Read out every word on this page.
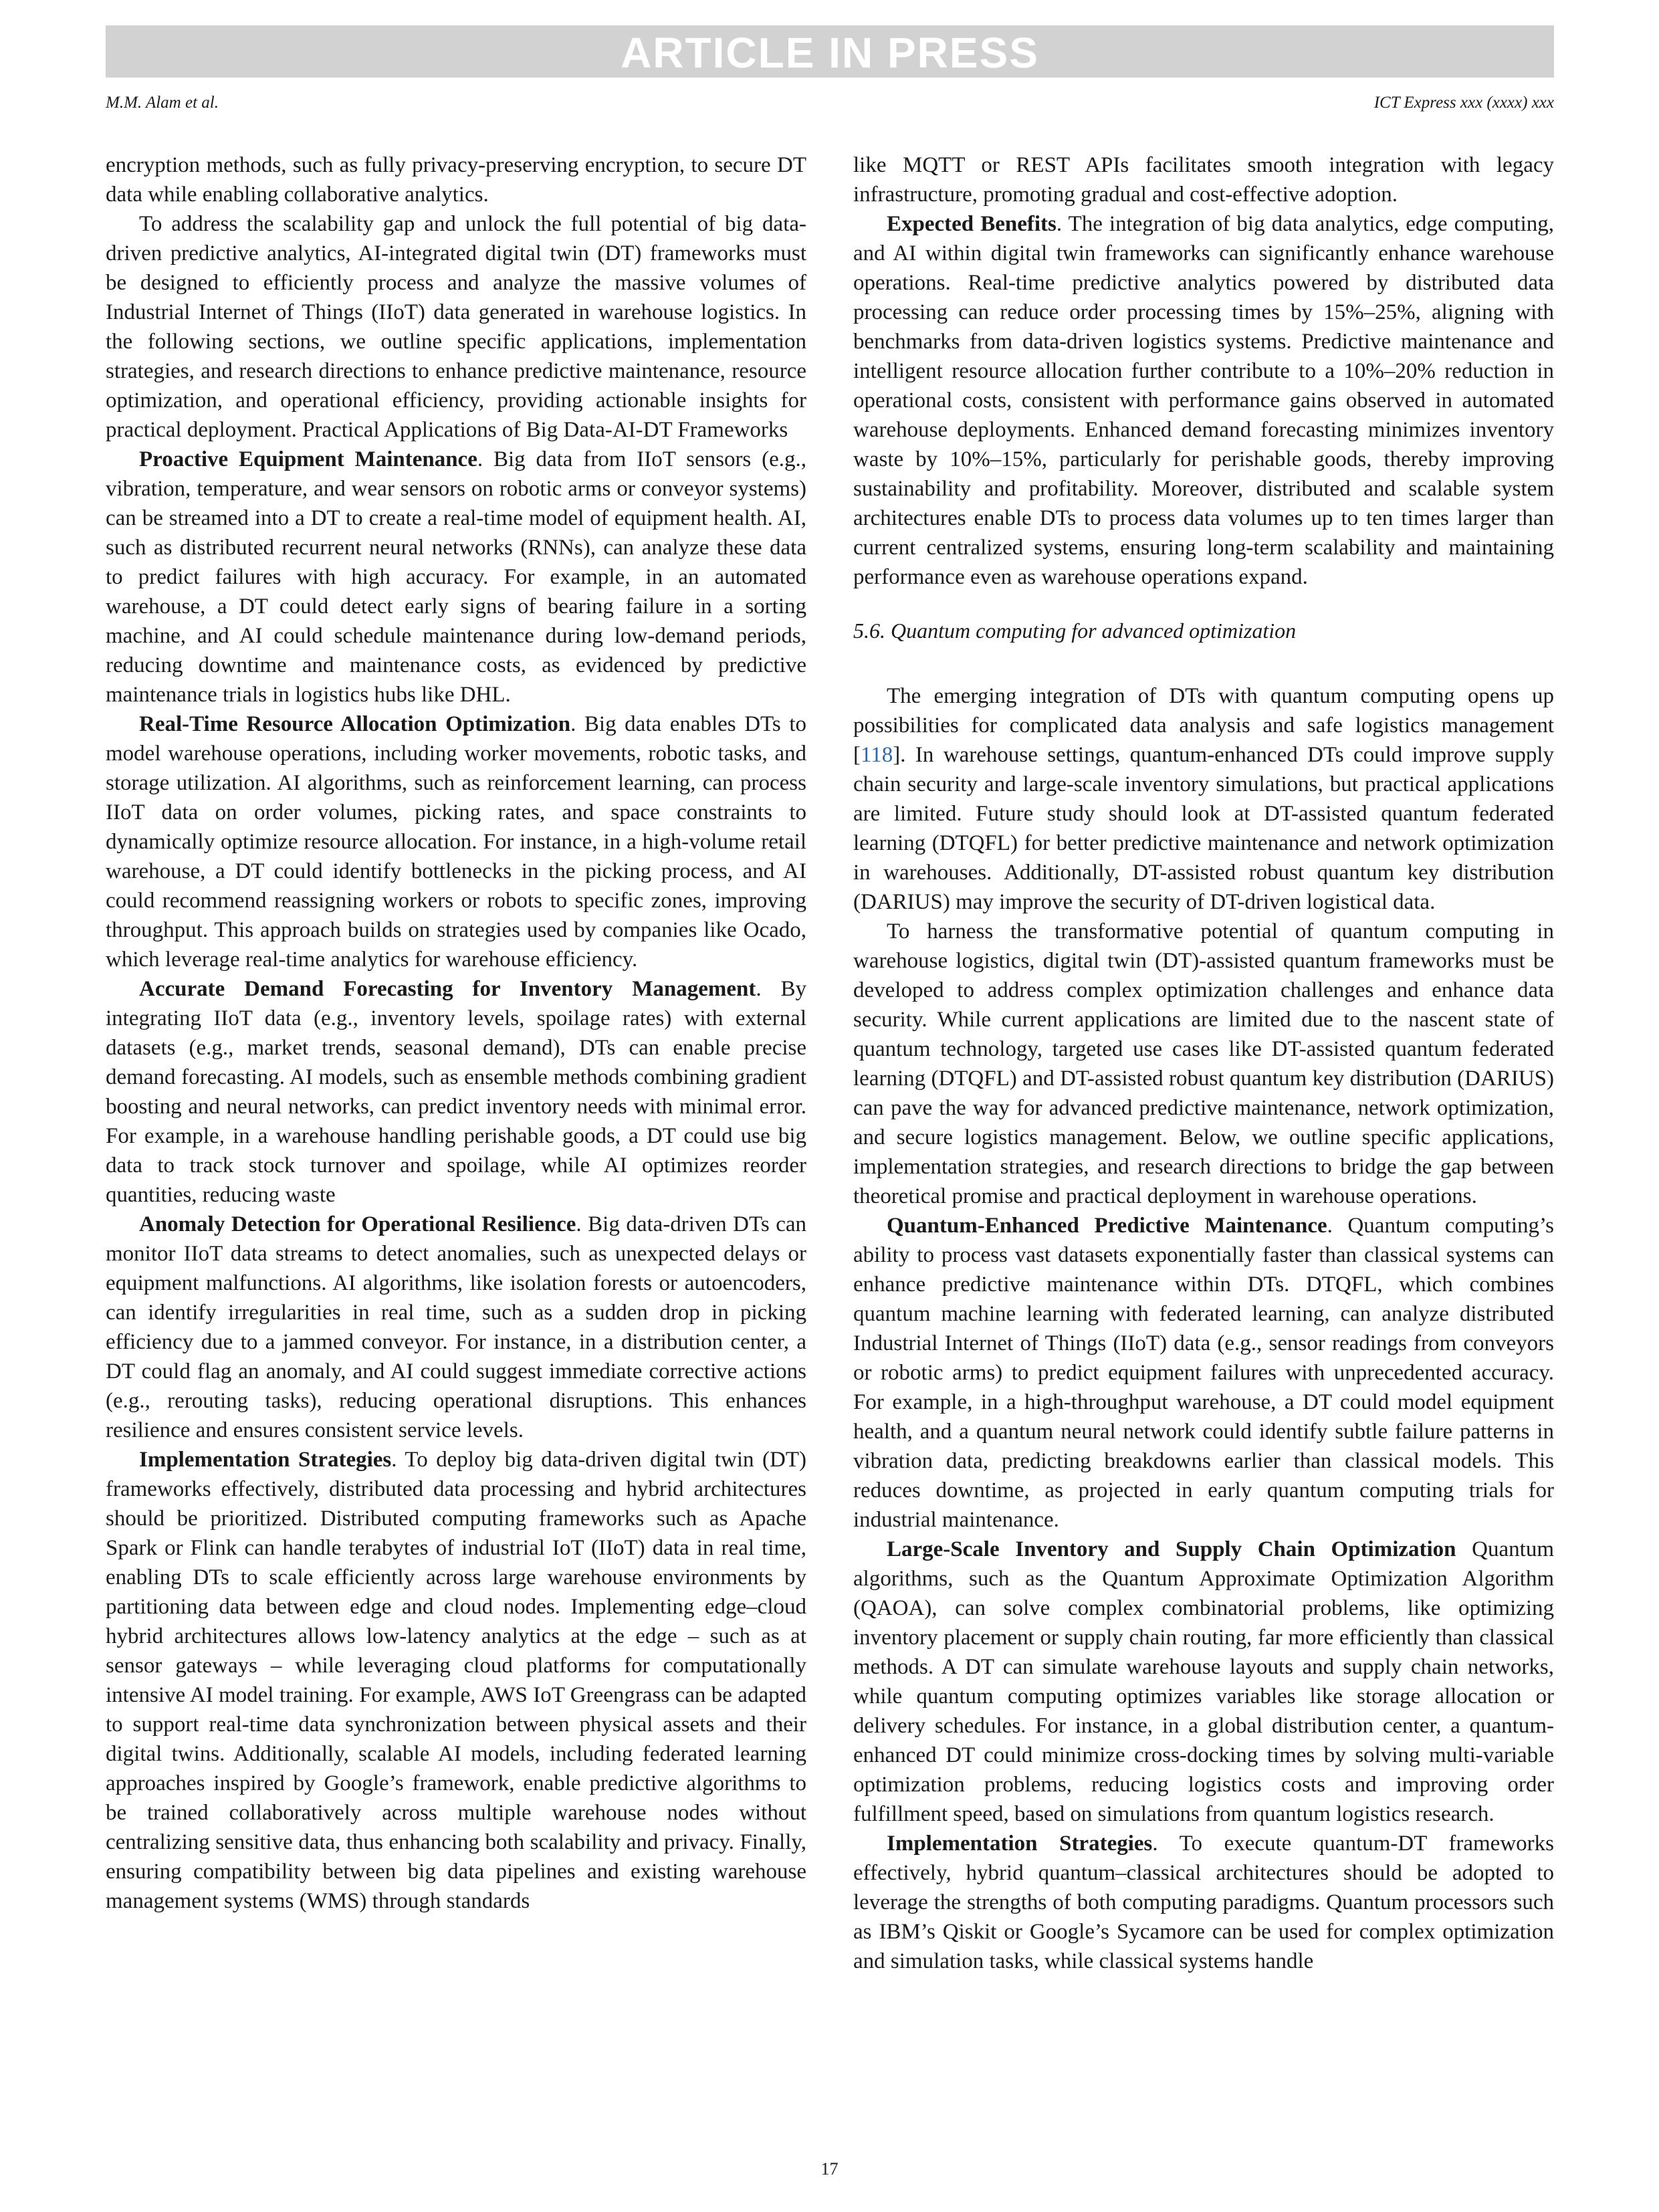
ARTICLE IN PRESS
M.M. Alam et al.	ICT Express xxx (xxxx) xxx

encryption methods, such as fully privacy-preserving encryption, to secure DT data while enabling collaborative analytics.

To address the scalability gap and unlock the full potential of big data-driven predictive analytics, AI-integrated digital twin (DT) frameworks must be designed to efficiently process and analyze the massive volumes of Industrial Internet of Things (IIoT) data generated in warehouse logistics. In the following sections, we outline specific applications, implementation strategies, and research directions to enhance predictive maintenance, resource optimization, and operational efficiency, providing actionable insights for practical deployment. Practical Applications of Big Data-AI-DT Frameworks

Proactive Equipment Maintenance. Big data from IIoT sensors (e.g., vibration, temperature, and wear sensors on robotic arms or conveyor systems) can be streamed into a DT to create a real-time model of equipment health. AI, such as distributed recurrent neural networks (RNNs), can analyze these data to predict failures with high accuracy. For example, in an automated warehouse, a DT could detect early signs of bearing failure in a sorting machine, and AI could schedule maintenance during low-demand periods, reducing downtime and maintenance costs, as evidenced by predictive maintenance trials in logistics hubs like DHL.

Real-Time Resource Allocation Optimization. Big data enables DTs to model warehouse operations, including worker movements, robotic tasks, and storage utilization. AI algorithms, such as reinforcement learning, can process IIoT data on order volumes, picking rates, and space constraints to dynamically optimize resource allocation. For instance, in a high-volume retail warehouse, a DT could identify bottlenecks in the picking process, and AI could recommend reassigning workers or robots to specific zones, improving throughput. This approach builds on strategies used by companies like Ocado, which leverage real-time analytics for warehouse efficiency.

Accurate Demand Forecasting for Inventory Management. By integrating IIoT data (e.g., inventory levels, spoilage rates) with external datasets (e.g., market trends, seasonal demand), DTs can enable precise demand forecasting. AI models, such as ensemble methods combining gradient boosting and neural networks, can predict inventory needs with minimal error. For example, in a warehouse handling perishable goods, a DT could use big data to track stock turnover and spoilage, while AI optimizes reorder quantities, reducing waste

Anomaly Detection for Operational Resilience. Big data-driven DTs can monitor IIoT data streams to detect anomalies, such as unexpected delays or equipment malfunctions. AI algorithms, like isolation forests or autoencoders, can identify irregularities in real time, such as a sudden drop in picking efficiency due to a jammed conveyor. For instance, in a distribution center, a DT could flag an anomaly, and AI could suggest immediate corrective actions (e.g., rerouting tasks), reducing operational disruptions. This enhances resilience and ensures consistent service levels.

Implementation Strategies. To deploy big data-driven digital twin (DT) frameworks effectively, distributed data processing and hybrid architectures should be prioritized. Distributed computing frameworks such as Apache Spark or Flink can handle terabytes of industrial IoT (IIoT) data in real time, enabling DTs to scale efficiently across large warehouse environments by partitioning data between edge and cloud nodes. Implementing edge–cloud hybrid architectures allows low-latency analytics at the edge – such as at sensor gateways – while leveraging cloud platforms for computationally intensive AI model training. For example, AWS IoT Greengrass can be adapted to support real-time data synchronization between physical assets and their digital twins. Additionally, scalable AI models, including federated learning approaches inspired by Google’s framework, enable predictive algorithms to be trained collaboratively across multiple warehouse nodes without centralizing sensitive data, thus enhancing both scalability and privacy. Finally, ensuring compatibility between big data pipelines and existing warehouse management systems (WMS) through standards

like MQTT or REST APIs facilitates smooth integration with legacy infrastructure, promoting gradual and cost-effective adoption.

Expected Benefits. The integration of big data analytics, edge computing, and AI within digital twin frameworks can significantly enhance warehouse operations. Real-time predictive analytics powered by distributed data processing can reduce order processing times by 15%–25%, aligning with benchmarks from data-driven logistics systems. Predictive maintenance and intelligent resource allocation further contribute to a 10%–20% reduction in operational costs, consistent with performance gains observed in automated warehouse deployments. Enhanced demand forecasting minimizes inventory waste by 10%–15%, particularly for perishable goods, thereby improving sustainability and profitability. Moreover, distributed and scalable system architectures enable DTs to process data volumes up to ten times larger than current centralized systems, ensuring long-term scalability and maintaining performance even as warehouse operations expand.

5.6. Quantum computing for advanced optimization

The emerging integration of DTs with quantum computing opens up possibilities for complicated data analysis and safe logistics management [118]. In warehouse settings, quantum-enhanced DTs could improve supply chain security and large-scale inventory simulations, but practical applications are limited. Future study should look at DT-assisted quantum federated learning (DTQFL) for better predictive maintenance and network optimization in warehouses. Additionally, DT-assisted robust quantum key distribution (DARIUS) may improve the security of DT-driven logistical data.

To harness the transformative potential of quantum computing in warehouse logistics, digital twin (DT)-assisted quantum frameworks must be developed to address complex optimization challenges and enhance data security. While current applications are limited due to the nascent state of quantum technology, targeted use cases like DT-assisted quantum federated learning (DTQFL) and DT-assisted robust quantum key distribution (DARIUS) can pave the way for advanced predictive maintenance, network optimization, and secure logistics management. Below, we outline specific applications, implementation strategies, and research directions to bridge the gap between theoretical promise and practical deployment in warehouse operations.

Quantum-Enhanced Predictive Maintenance. Quantum computing’s ability to process vast datasets exponentially faster than classical systems can enhance predictive maintenance within DTs. DTQFL, which combines quantum machine learning with federated learning, can analyze distributed Industrial Internet of Things (IIoT) data (e.g., sensor readings from conveyors or robotic arms) to predict equipment failures with unprecedented accuracy. For example, in a high-throughput warehouse, a DT could model equipment health, and a quantum neural network could identify subtle failure patterns in vibration data, predicting breakdowns earlier than classical models. This reduces downtime, as projected in early quantum computing trials for industrial maintenance.

Large-Scale Inventory and Supply Chain Optimization Quantum algorithms, such as the Quantum Approximate Optimization Algorithm (QAOA), can solve complex combinatorial problems, like optimizing inventory placement or supply chain routing, far more efficiently than classical methods. A DT can simulate warehouse layouts and supply chain networks, while quantum computing optimizes variables like storage allocation or delivery schedules. For instance, in a global distribution center, a quantum-enhanced DT could minimize cross-docking times by solving multi-variable optimization problems, reducing logistics costs and improving order fulfillment speed, based on simulations from quantum logistics research.

Implementation Strategies. To execute quantum-DT frameworks effectively, hybrid quantum–classical architectures should be adopted to leverage the strengths of both computing paradigms. Quantum processors such as IBM’s Qiskit or Google’s Sycamore can be used for complex optimization and simulation tasks, while classical systems handle

17
